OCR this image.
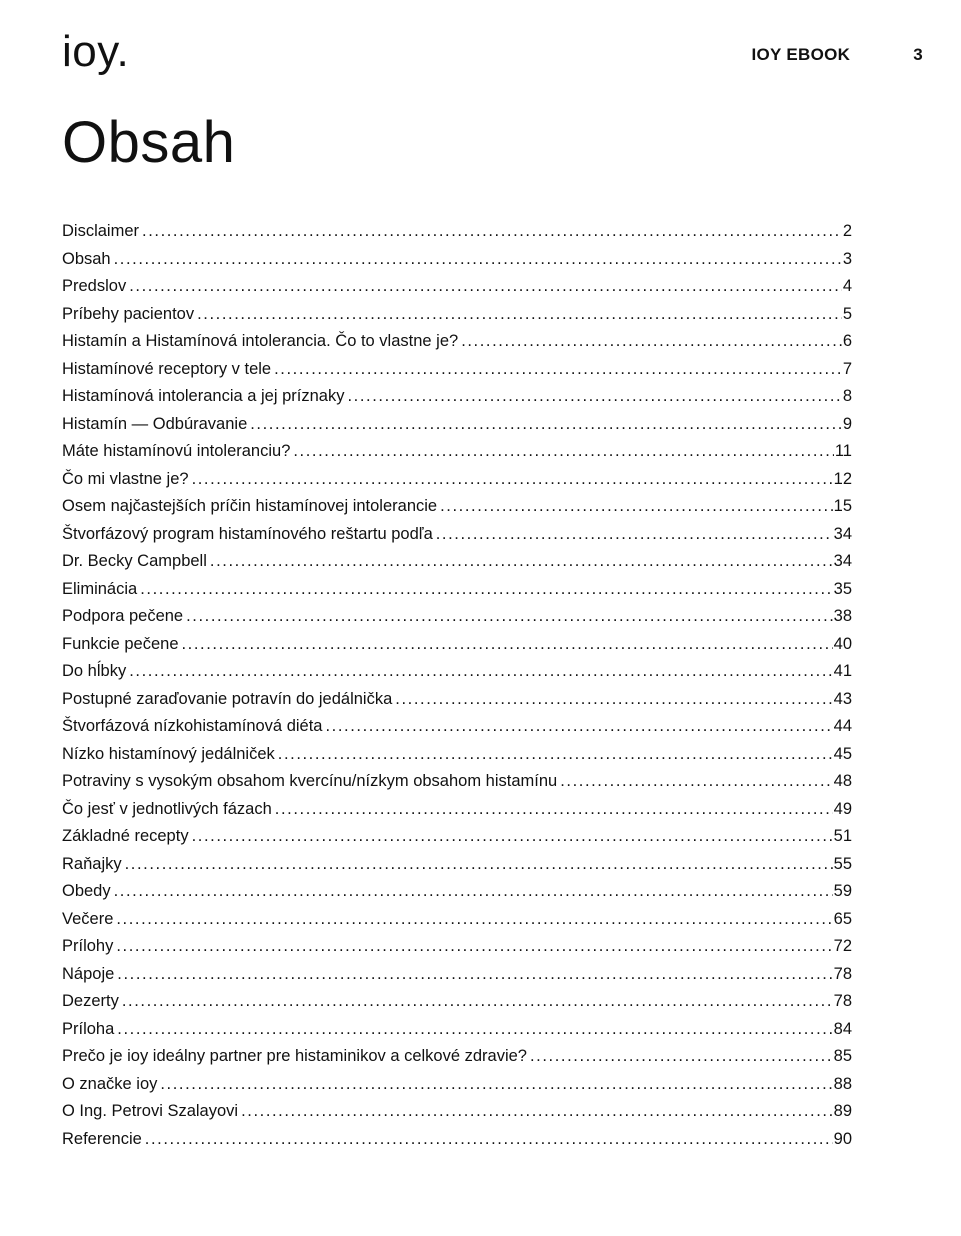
ioy.	IOY EBOOK	3
Obsah
Disclaimer .....	2
Obsah .....	3
Predslov .....	4
Príbehy pacientov .....	5
Histamín a Histamínová intolerancia. Čo to vlastne je? .....	6
Histamínové receptory v tele .....	7
Histamínová intolerancia a jej príznaky .....	8
Histamín — Odbúravanie .....	9
Máte histamínovú intoleranciu? .....	11
Čo mi vlastne je? .....	12
Osem najčastejších príčin histamínovej intolerancie .....	15
Štvorfázový program histamínového reštartu podľa .....	34
Dr. Becky Campbell .....	34
Eliminácia .....	35
Podpora pečene .....	38
Funkcie pečene .....	40
Do hĺbky .....	41
Postupné zaraďovanie potravín do jedálnička .....	43
Štvorfázová nízkohistamínová diéta .....	44
Nízko histamínový jedálniček .....	45
Potraviny s vysokým obsahom kvercínu/nízkym obsahom histamínu .....	48
Čo jesť v jednotlivých fázach .....	49
Základné recepty .....	51
Raňajky .....	55
Obedy .....	59
Večere .....	65
Prílohy .....	72
Nápoje .....	78
Dezerty .....	78
Príloha .....	84
Prečo je ioy ideálny partner pre histaminikov a celkové zdravie? .....	85
O značke ioy .....	88
O Ing. Petrovi Szalayovi .....	89
Referencie .....	90
